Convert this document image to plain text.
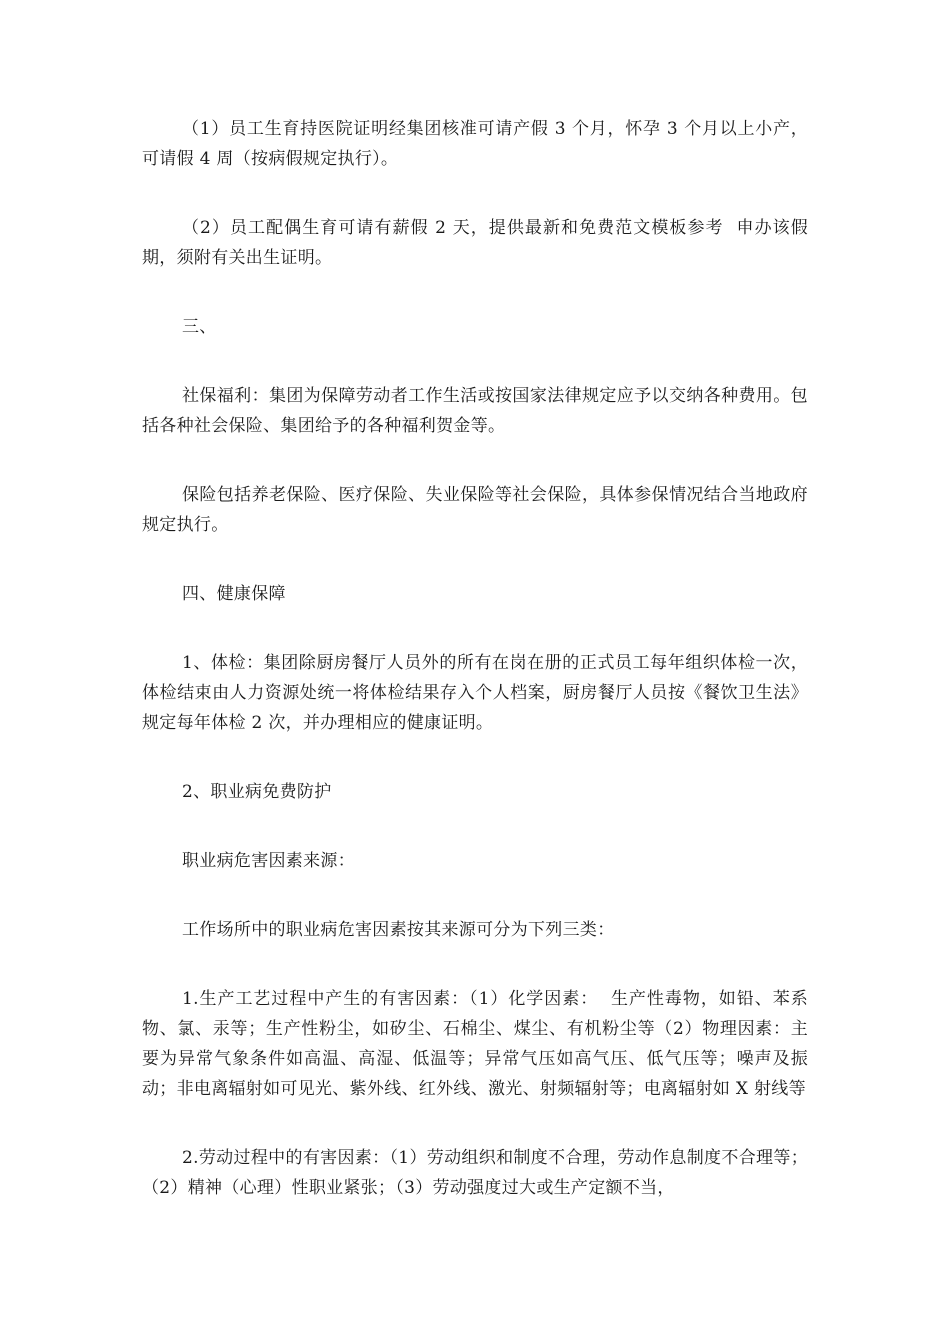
（1）员工生育持医院证明经集团核准可请产假 3 个月，怀孕 3 个月以上小产，可请假 4 周（按病假规定执行）。

（2）员工配偶生育可请有薪假 2 天，提供最新和免费范文模板参考  申办该假期，须附有关出生证明。

三、

社保福利：集团为保障劳动者工作生活或按国家法律规定应予以交纳各种费用。包括各种社会保险、集团给予的各种福利贺金等。

保险包括养老保险、医疗保险、失业保险等社会保险，具体参保情况结合当地政府规定执行。

四、健康保障

1、体检：集团除厨房餐厅人员外的所有在岗在册的正式员工每年组织体检一次，体检结束由人力资源处统一将体检结果存入个人档案，厨房餐厅人员按《餐饮卫生法》规定每年体检 2 次，并办理相应的健康证明。

2、职业病免费防护

职业病危害因素来源：

工作场所中的职业病危害因素按其来源可分为下列三类：

1.生产工艺过程中产生的有害因素：（1）化学因素：  生产性毒物，如铅、苯系物、氯、汞等；生产性粉尘，如矽尘、石棉尘、煤尘、有机粉尘等（2）物理因素：主要为异常气象条件如高温、高湿、低温等；异常气压如高气压、低气压等；噪声及振动；非电离辐射如可见光、紫外线、红外线、激光、射频辐射等；电离辐射如 X 射线等

2.劳动过程中的有害因素：（1）劳动组织和制度不合理，劳动作息制度不合理等；      （2）精神（心理）性职业紧张；（3）劳动强度过大或生产定额不当，
